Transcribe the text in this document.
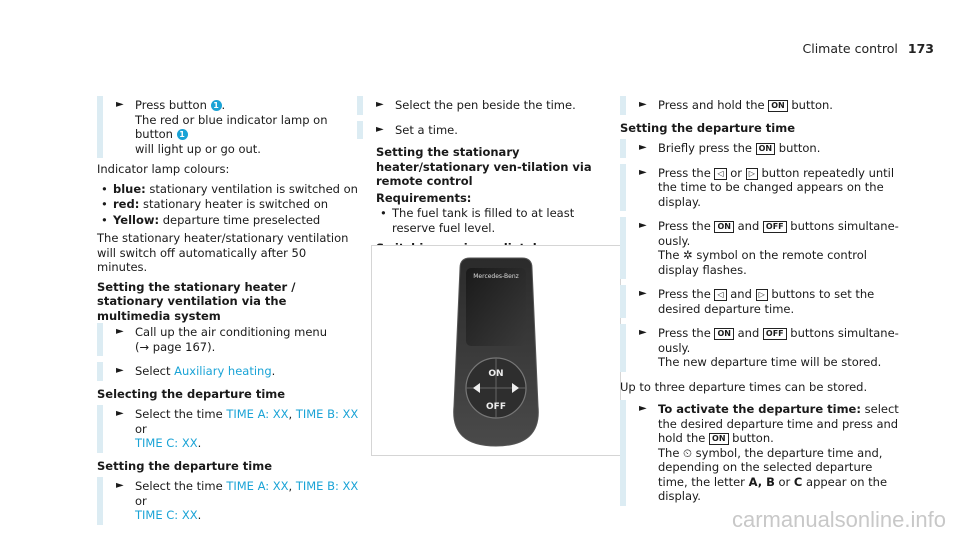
Climate control 173
► Press button 1 .
The red or blue indicator lamp on button 1
will light up or go out.
Indicator lamp colours:
• blue: stationary ventilation is switched on
• red: stationary heater is switched on
• Yellow: departure time preselected
The stationary heater/stationary ventilation will switch off automatically after 50 minutes.
Setting the stationary heater / stationary ventilation via the multimedia system
► Call up the air conditioning menu
(→ page 167).
► Select Auxiliary heating.
Selecting the departure time
► Select the time TIME A: XX, TIME B: XX or
TIME C: XX.
Setting the departure time
► Select the time TIME A: XX, TIME B: XX or
TIME C: XX.
► Select the pen beside the time.
► Set a time.
Setting the stationary heater/stationary ven-tilation via remote control
Requirements:
• The fuel tank is filled to at least reserve fuel level.
Mercedes-Benz
ON
OFF
► Press and hold the ON button.
Setting the departure time
► Briefly press the ON button.
► Press the ◁ or ▷ button repeatedly until the time to be changed appears on the display.
► Press the ON and OFF buttons simultane-ously.
The ✲ symbol on the remote control display flashes.
► Press the ◁ and ▷ buttons to set the desired departure time.
► Press the ON and OFF buttons simultane-ously.
The new departure time will be stored.
Up to three departure times can be stored.
► To activate the departure time: select the desired departure time and press and hold the ON button.
The ⏲ symbol, the departure time and, depending on the selected departure time, the letter A, B or C appear on the display.
carmanualsonline.info
